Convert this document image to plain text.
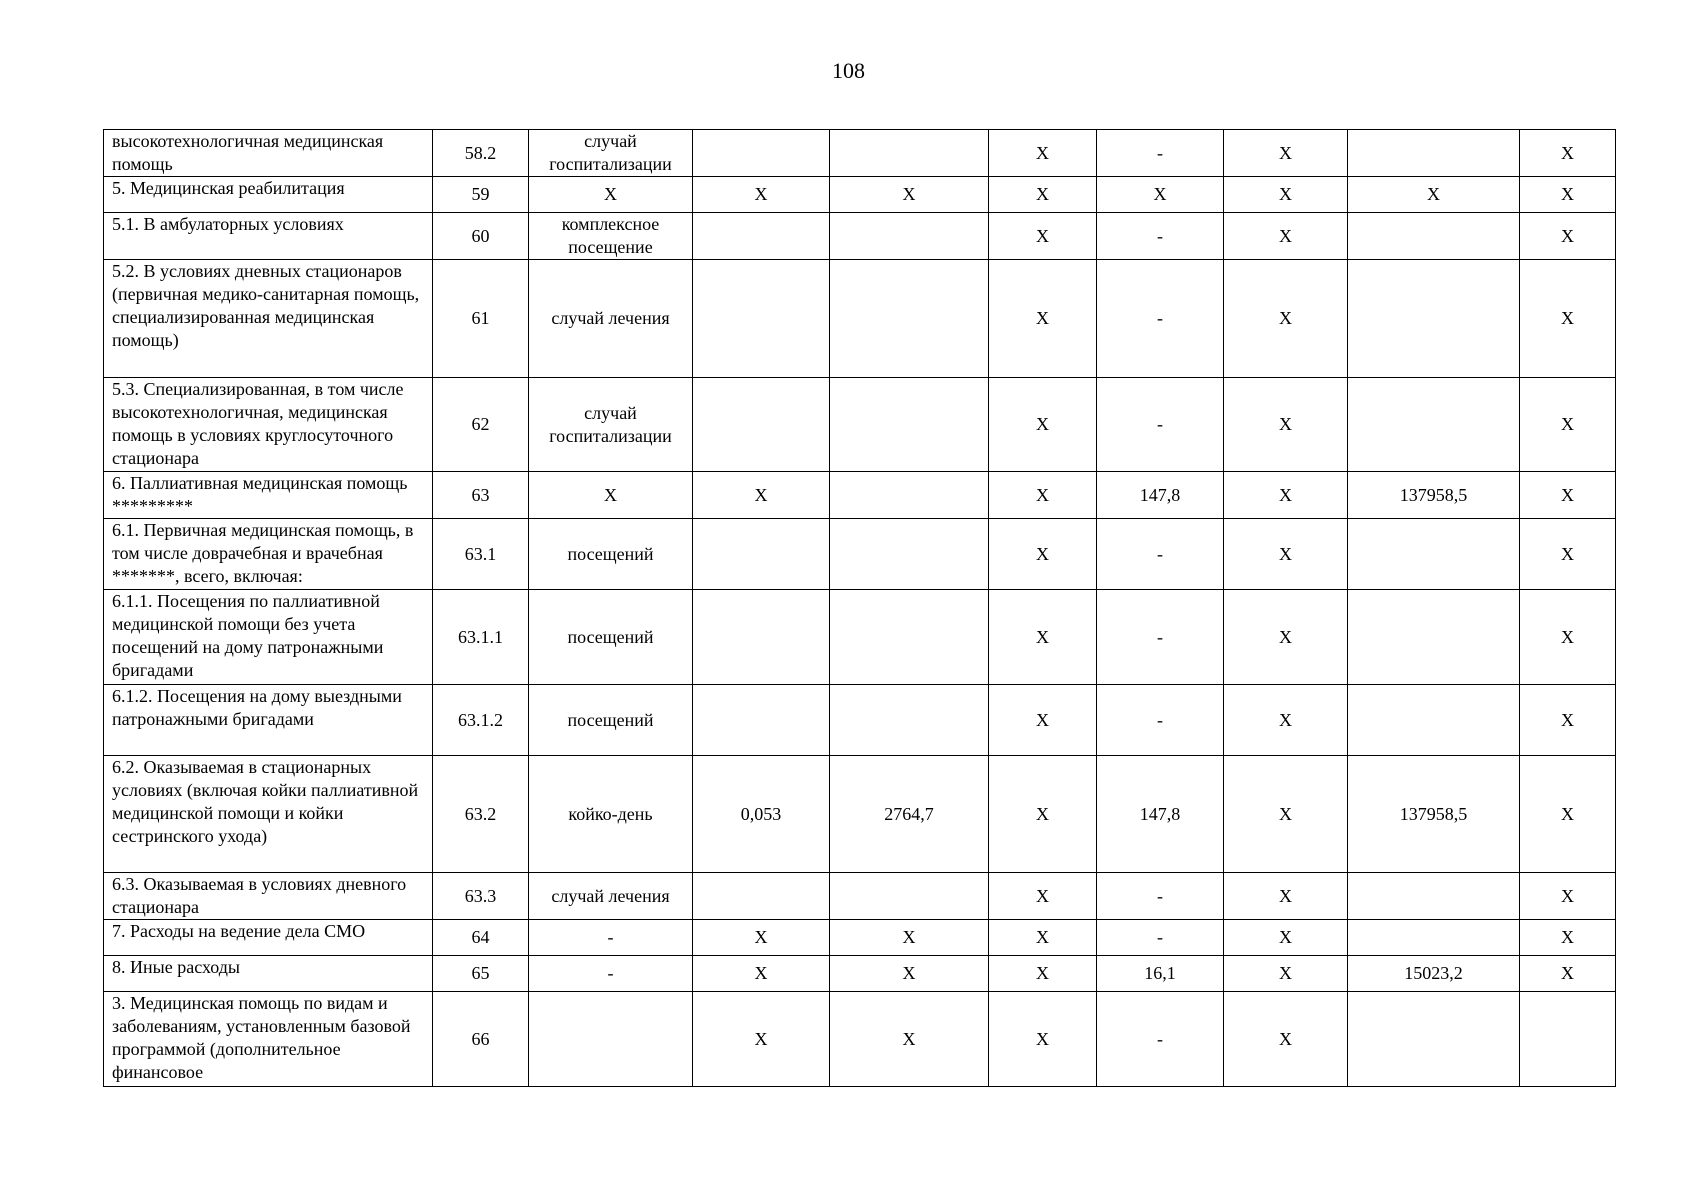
108
высокотехнологичная медицинская помощь	58.2	случай госпитализации			X	-	X		X

5. Медицинская реабилитация	59	X	X	X	X	X	X	X	X

5.1. В амбулаторных условиях	60	комплексное посещение			X	-	X		X

5.2. В условиях дневных стационаров (первичная медико-санитарная помощь, специализированная медицинская помощь)	61	случай лечения			X	-	X		X

5.3. Специализированная, в том числе высокотехнологичная, медицинская помощь в условиях круглосуточного стационара	62	случай госпитализации			X	-	X		X

6. Паллиативная медицинская помощь *********	63	X	X		X	147,8	X	137958,5	X

6.1. Первичная медицинская помощь, в том числе доврачебная и врачебная *******, всего, включая:	63.1	посещений			X	-	X		X

6.1.1. Посещения по паллиативной медицинской помощи без учета посещений на дому патронажными бригадами	63.1.1	посещений			X	-	X		X

6.1.2. Посещения на дому выездными патронажными бригадами	63.1.2	посещений			X	-	X		X

6.2. Оказываемая в стационарных условиях (включая койки паллиативной медицинской помощи и койки сестринского ухода)	63.2	койко-день	0,053	2764,7	X	147,8	X	137958,5	X

6.3. Оказываемая в условиях дневного стационара	63.3	случай лечения			X	-	X		X

7. Расходы на ведение дела СМО	64	-	X	X	X	-	X		X

8. Иные расходы	65	-	X	X	X	16,1	X	15023,2	X

3. Медицинская помощь по видам и заболеваниям, установленным базовой программой (дополнительное финансовое	66		X	X	X	-	X		
